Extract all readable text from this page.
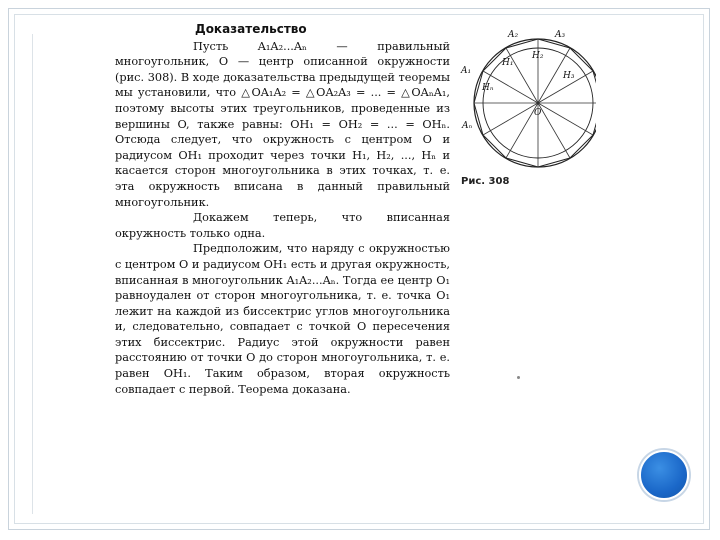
Доказательство

Пусть A₁A₂...Aₙ — правильный многоугольник, O — центр описанной окружности (рис. 308). В ходе доказательства предыдущей теоремы мы установили, что △OA₁A₂ = △OA₂A₃ = ... = △OAₙA₁, поэтому высоты этих треугольников, проведенные из вершины O, также равны: OH₁ = OH₂ = ... = OHₙ. Отсюда следует, что окружность с центром O и радиусом OH₁ проходит через точки H₁, H₂, ..., Hₙ и касается сторон многоугольника в этих точках, т. е. эта окружность вписана в данный правильный многоугольник.

Докажем теперь, что вписанная окружность только одна.

Предположим, что наряду с окружностью с центром O и радиусом OH₁ есть и другая окружность, вписанная в многоугольник A₁A₂...Aₙ. Тогда ее центр O₁ равноудален от сторон многоугольника, т. е. точка O₁ лежит на каждой из биссектрис углов многоугольника и, следовательно, совпадает с точкой O пересечения этих биссектрис. Радиус этой окружности равен расстоянию от точки O до сторон многоугольника, т. е. равен OH₁. Таким образом, вторая окружность совпадает с первой. Теорема доказана.

A₂	A₃
A₁
Aₙ
H₁
H₂
H₃
Hₙ
O
Рис. 308
